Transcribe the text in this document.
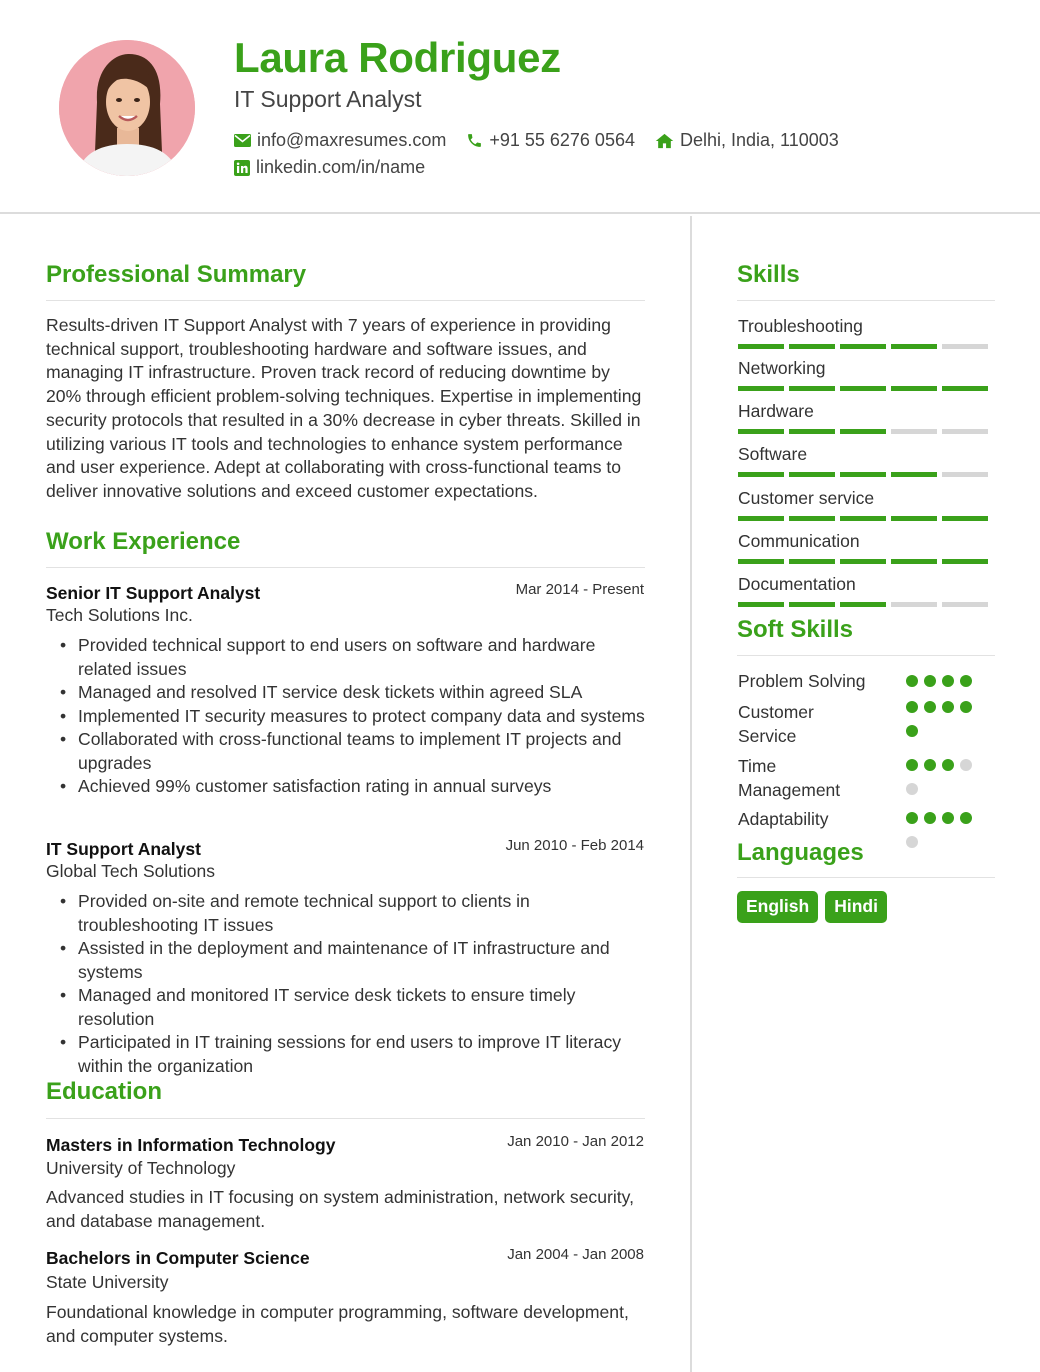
Laura Rodriguez
IT Support Analyst
info@maxresumes.com +91 55 6276 0564	Delhi, India, 110003
linkedin.com/in/name
Professional Summary
Results-driven IT Support Analyst with 7 years of experience in providing technical support, troubleshooting hardware and software issues, and managing IT infrastructure. Proven track record of reducing downtime by 20% through efficient problem-solving techniques. Expertise in implementing security protocols that resulted in a 30% decrease in cyber threats. Skilled in utilizing various IT tools and technologies to enhance system performance and user experience. Adept at collaborating with cross-functional teams to deliver innovative solutions and exceed customer expectations.
Work Experience
Senior IT Support Analyst	Mar 2014 - Present
Tech Solutions Inc.
• Provided technical support to end users on software and hardware related issues
• Managed and resolved IT service desk tickets within agreed SLA
• Implemented IT security measures to protect company data and systems
• Collaborated with cross-functional teams to implement IT projects and upgrades
• Achieved 99% customer satisfaction rating in annual surveys
IT Support Analyst	Jun 2010 - Feb 2014
Global Tech Solutions
• Provided on-site and remote technical support to clients in troubleshooting IT issues
• Assisted in the deployment and maintenance of IT infrastructure and systems
• Managed and monitored IT service desk tickets to ensure timely resolution
• Participated in IT training sessions for end users to improve IT literacy within the organization
Education
Masters in Information Technology	Jan 2010 - Jan 2012
University of Technology
Advanced studies in IT focusing on system administration, network security, and database management.
Bachelors in Computer Science	Jan 2004 - Jan 2008
State University
Foundational knowledge in computer programming, software development, and computer systems.
Skills
Troubleshooting
Networking
Hardware
Software
Customer service
Communication
Documentation
Soft Skills
Problem Solving
Customer Service
Time Management
Adaptability
Languages
English	Hindi
